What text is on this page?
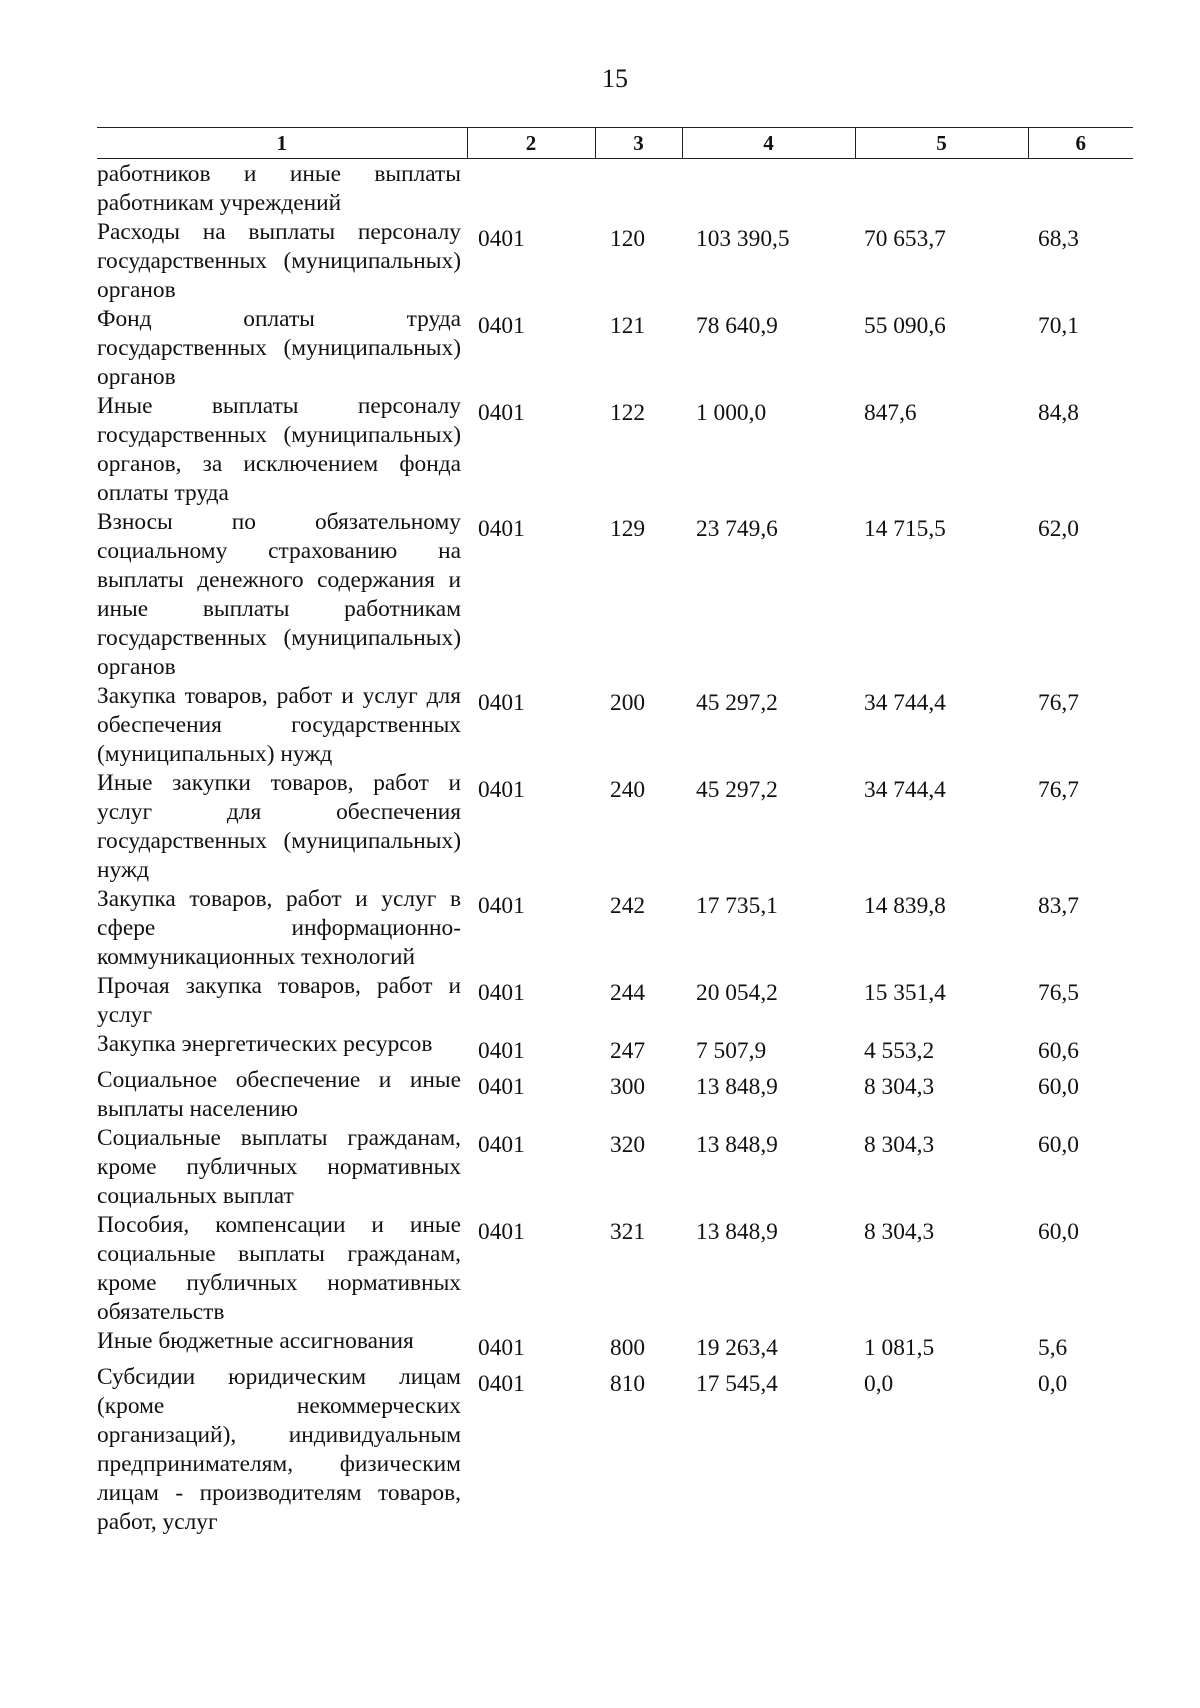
15
1	2	3	4	5	6
работников и иные выплаты работникам учреждений					
Расходы на выплаты персоналу государственных (муниципальных) органов	0401	120	103 390,5	70 653,7	68,3
Фонд оплаты труда государственных (муниципальных) органов	0401	121	78 640,9	55 090,6	70,1
Иные выплаты персоналу государственных (муниципальных) органов, за исключением фонда оплаты труда	0401	122	1 000,0	847,6	84,8
Взносы по обязательному социальному страхованию на выплаты денежного содержания и иные выплаты работникам государственных (муниципальных) органов	0401	129	23 749,6	14 715,5	62,0
Закупка товаров, работ и услуг для обеспечения государственных (муниципальных) нужд	0401	200	45 297,2	34 744,4	76,7
Иные закупки товаров, работ и услуг для обеспечения государственных (муниципальных) нужд	0401	240	45 297,2	34 744,4	76,7
Закупка товаров, работ и услуг в сфере информационно-коммуникационных технологий	0401	242	17 735,1	14 839,8	83,7
Прочая закупка товаров, работ и услуг	0401	244	20 054,2	15 351,4	76,5
Закупка энергетических ресурсов	0401	247	7 507,9	4 553,2	60,6
Социальное обеспечение и иные выплаты населению	0401	300	13 848,9	8 304,3	60,0
Социальные выплаты гражданам, кроме публичных нормативных социальных выплат	0401	320	13 848,9	8 304,3	60,0
Пособия, компенсации и иные социальные выплаты гражданам, кроме публичных нормативных обязательств	0401	321	13 848,9	8 304,3	60,0
Иные бюджетные ассигнования	0401	800	19 263,4	1 081,5	5,6
Субсидии юридическим лицам (кроме некоммерческих организаций), индивидуальным предпринимателям, физическим лицам - производителям товаров, работ, услуг	0401	810	17 545,4	0,0	0,0
